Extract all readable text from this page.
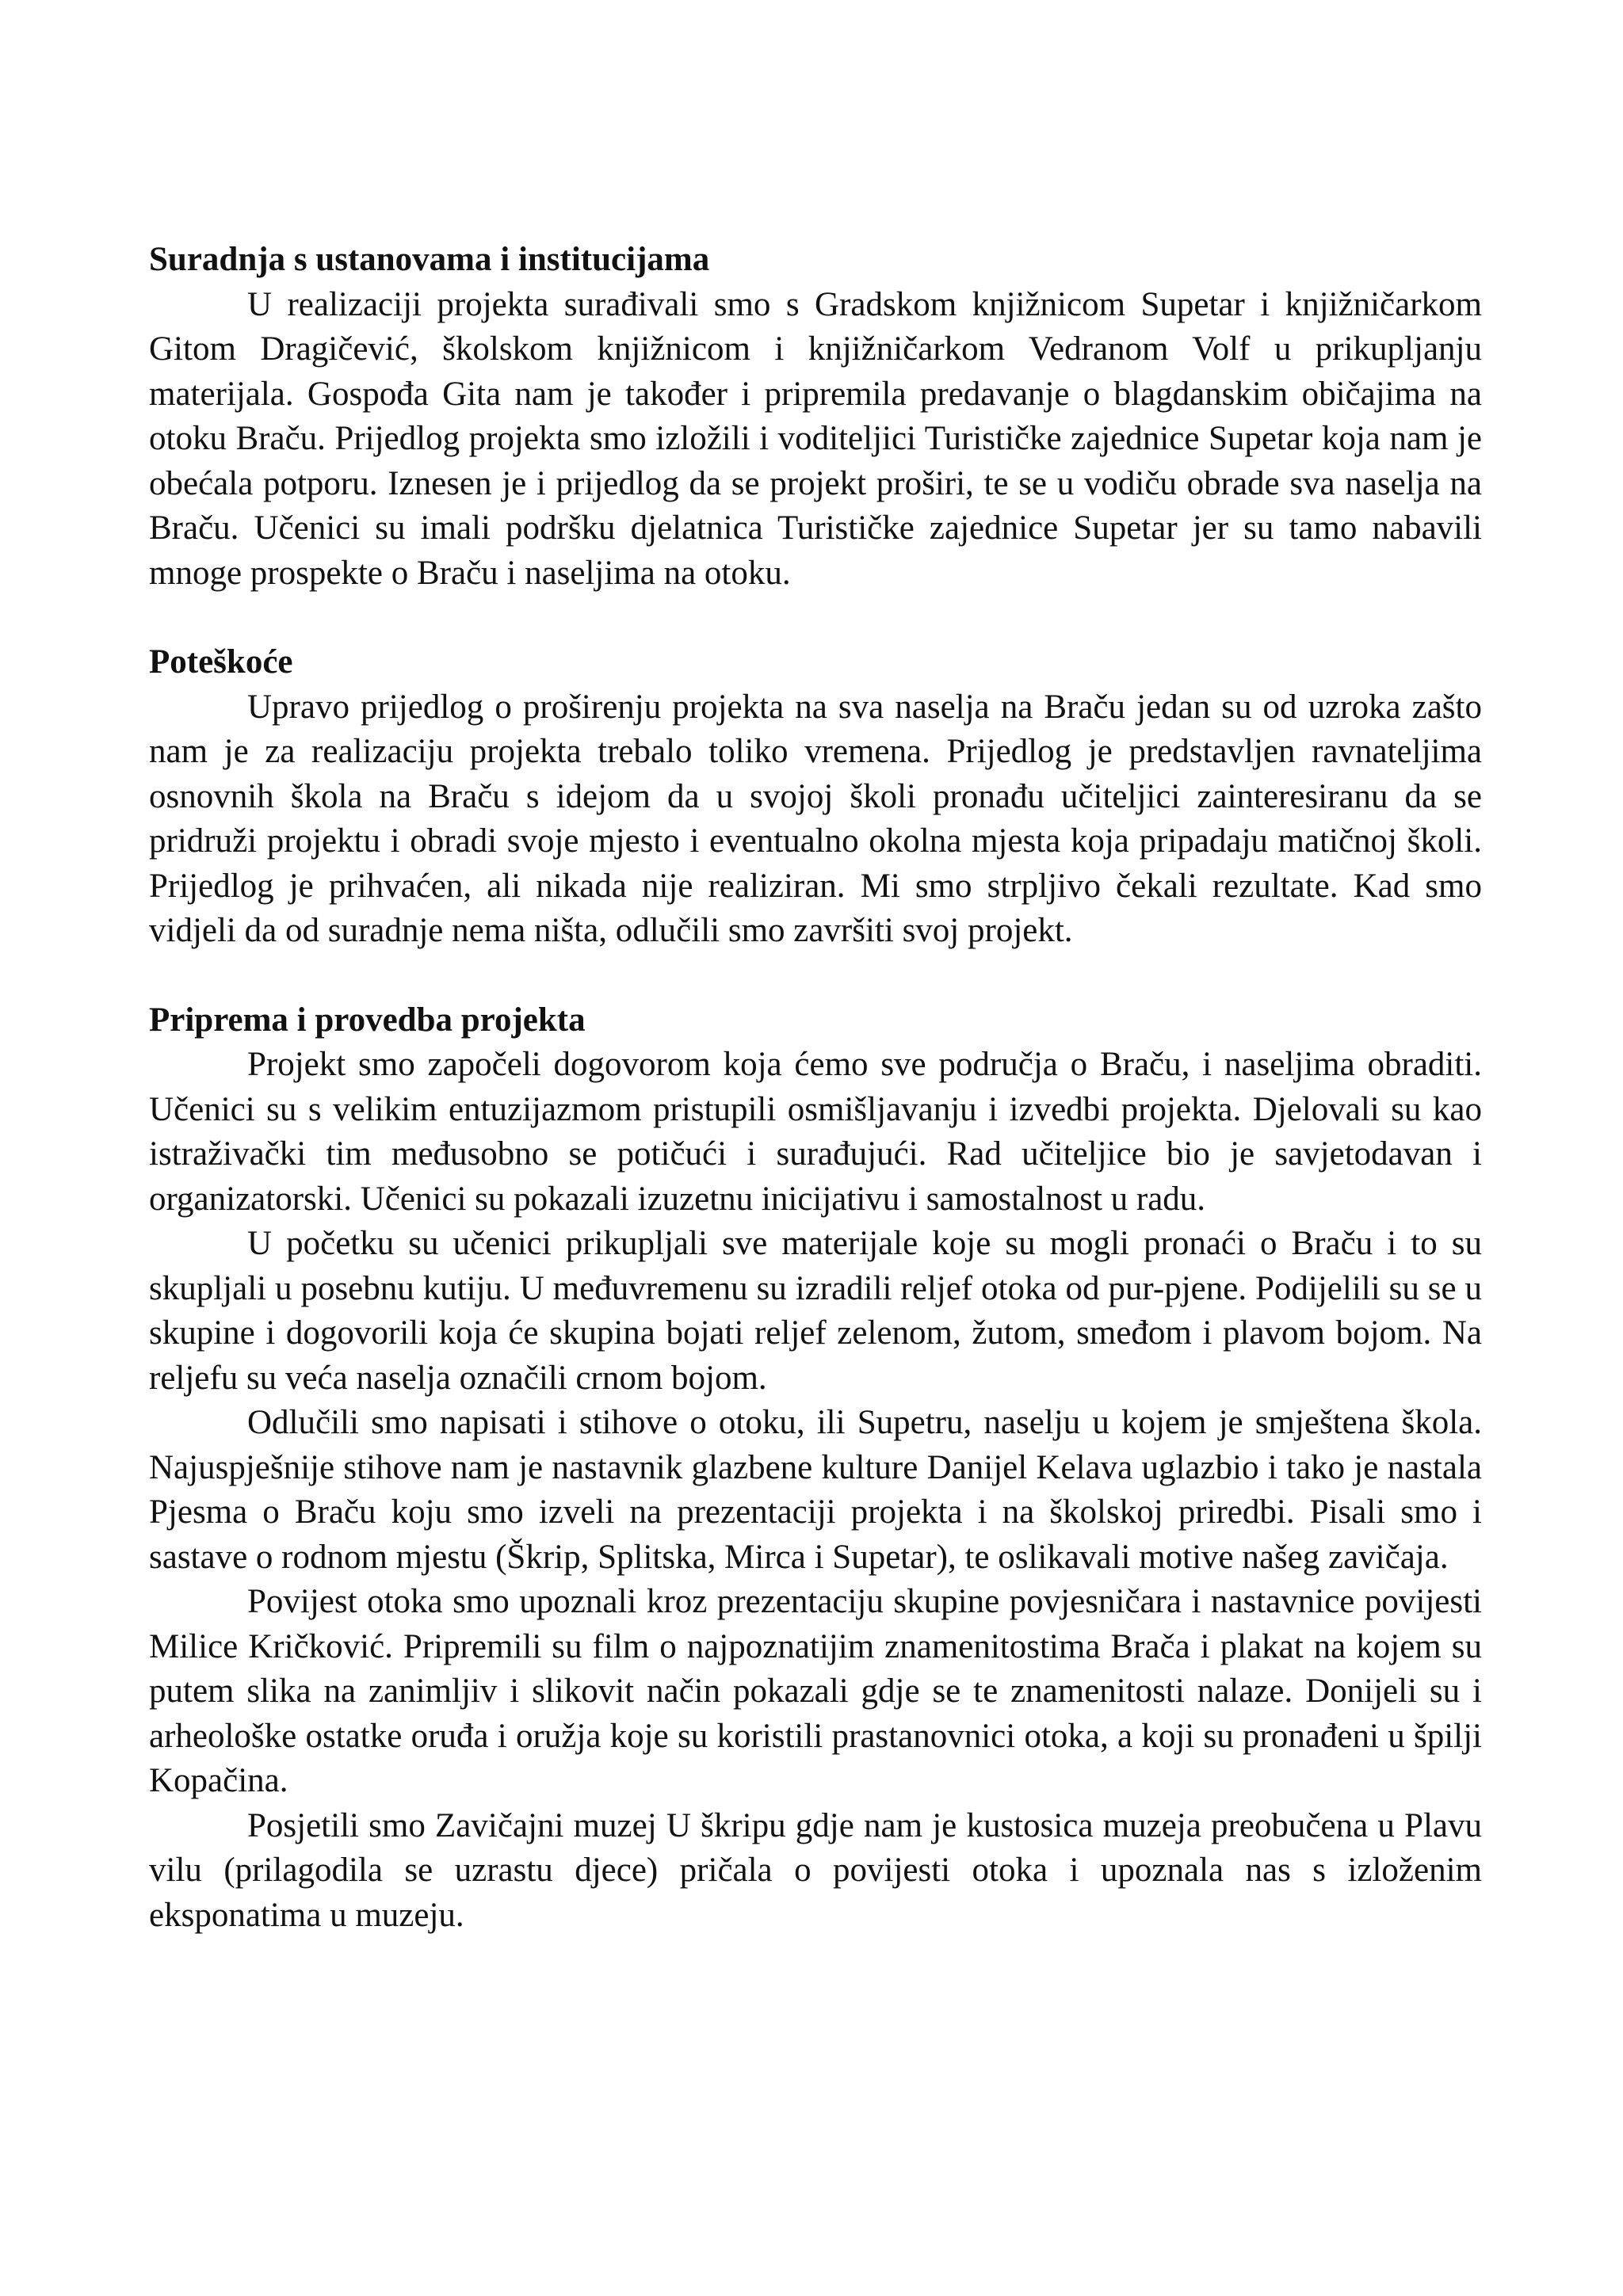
Suradnja s ustanovama i institucijama

U realizaciji projekta surađivali smo s Gradskom knjižnicom Supetar i knjižničarkom Gitom Dragičević, školskom knjižnicom i knjižničarkom Vedranom Volf u prikupljanju materijala. Gospođa Gita nam je također i pripremila predavanje o blagdanskim običajima na otoku Braču. Prijedlog projekta smo izložili i voditeljici Turističke zajednice Supetar koja nam je obećala potporu. Iznesen je i prijedlog da se projekt proširi, te se u vodiču obrade sva naselja na Braču. Učenici su imali podršku djelatnica Turističke zajednice Supetar jer su tamo nabavili mnoge prospekte o Braču i naseljima na otoku.

Poteškoće

Upravo prijedlog o proširenju projekta na sva naselja na Braču jedan su od uzroka zašto nam je za realizaciju projekta trebalo toliko vremena. Prijedlog je predstavljen ravnateljima osnovnih škola na Braču s idejom da u svojoj školi pronađu učiteljici zainteresiranu da se pridruži projektu i obradi svoje mjesto i eventualno okolna mjesta koja pripadaju matičnoj školi. Prijedlog je prihvaćen, ali nikada nije realiziran. Mi smo strpljivo čekali rezultate. Kad smo vidjeli da od suradnje nema ništa, odlučili smo završiti svoj projekt.

Priprema i provedba projekta

Projekt smo započeli dogovorom koja ćemo sve područja o Braču, i naseljima obraditi. Učenici su s velikim entuzijazmom pristupili osmišljavanju i izvedbi projekta. Djelovali su kao istraživački tim međusobno se potičući i surađujući. Rad učiteljice bio je savjetodavan i organizatorski. Učenici su pokazali izuzetnu inicijativu i samostalnost u radu.

U početku su učenici prikupljali sve materijale koje su mogli pronaći o Braču i to su skupljali u posebnu kutiju. U međuvremenu su izradili reljef otoka od pur-pjene. Podijelili su se u skupine i dogovorili koja će skupina bojati reljef zelenom, žutom, smeđom i plavom bojom. Na reljefu su veća naselja označili crnom bojom.

Odlučili smo napisati i stihove o otoku, ili Supetru, naselju u kojem je smještena škola. Najuspješnije stihove nam je nastavnik glazbene kulture Danijel Kelava uglazbio i tako je nastala Pjesma o Braču koju smo izveli na prezentaciji projekta i na školskoj priredbi. Pisali smo i sastave o rodnom mjestu (Škrip, Splitska, Mirca i Supetar), te oslikavali motive našeg zavičaja.

Povijest otoka smo upoznali kroz prezentaciju skupine povjesničara i nastavnice povijesti Milice Kričković. Pripremili su film o najpoznatijim znamenitostima Brača i plakat na kojem su putem slika na zanimljiv i slikovit način pokazali gdje se te znamenitosti nalaze. Donijeli su i arheološke ostatke oruđa i oružja koje su koristili prastanovnici otoka, a koji su pronađeni u špilji Kopačina.

Posjetili smo Zavičajni muzej U škripu gdje nam je kustosica muzeja preobučena u Plavu vilu (prilagodila se uzrastu djece) pričala o povijesti otoka i upoznala nas s izloženim eksponatima u muzeju.
